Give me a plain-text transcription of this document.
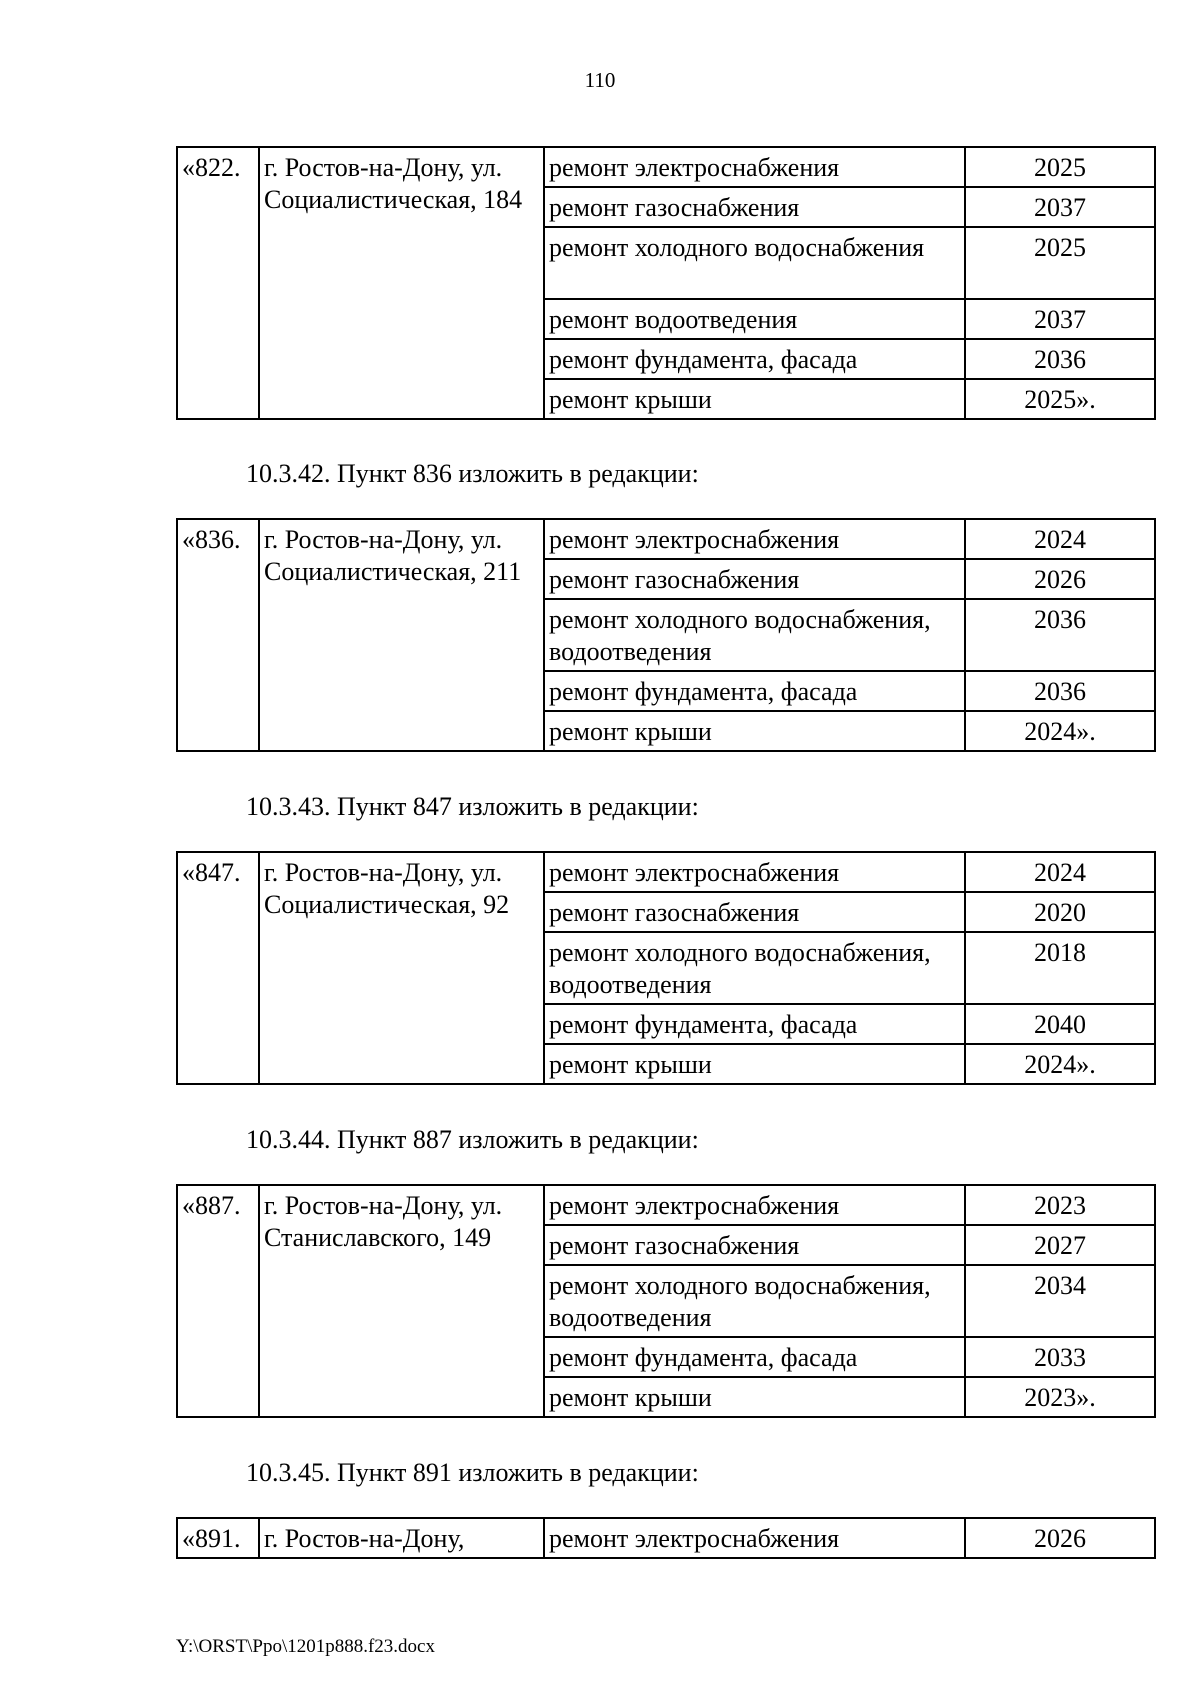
110
«822.	г. Ростов-на-Дону, ул. Социалистическая, 184	ремонт электроснабжения	2025
		ремонт газоснабжения	2037
		ремонт холодного водоснабжения	2025
		ремонт водоотведения	2037
		ремонт фундамента, фасада	2036
		ремонт крыши	2025».
10.3.42. Пункт 836 изложить в редакции:
«836.	г. Ростов-на-Дону, ул. Социалистическая, 211	ремонт электроснабжения	2024
		ремонт газоснабжения	2026
		ремонт холодного водоснабжения, водоотведения	2036
		ремонт фундамента, фасада	2036
		ремонт крыши	2024».
10.3.43. Пункт 847 изложить в редакции:
«847.	г. Ростов-на-Дону, ул. Социалистическая, 92	ремонт электроснабжения	2024
		ремонт газоснабжения	2020
		ремонт холодного водоснабжения, водоотведения	2018
		ремонт фундамента, фасада	2040
		ремонт крыши	2024».
10.3.44. Пункт 887 изложить в редакции:
«887.	г. Ростов-на-Дону, ул. Станиславского, 149	ремонт электроснабжения	2023
		ремонт газоснабжения	2027
		ремонт холодного водоснабжения, водоотведения	2034
		ремонт фундамента, фасада	2033
		ремонт крыши	2023».
10.3.45. Пункт 891 изложить в редакции:
«891.	г. Ростов-на-Дону,	ремонт электроснабжения	2026
Y:\ORST\Ppo\1201p888.f23.docx
